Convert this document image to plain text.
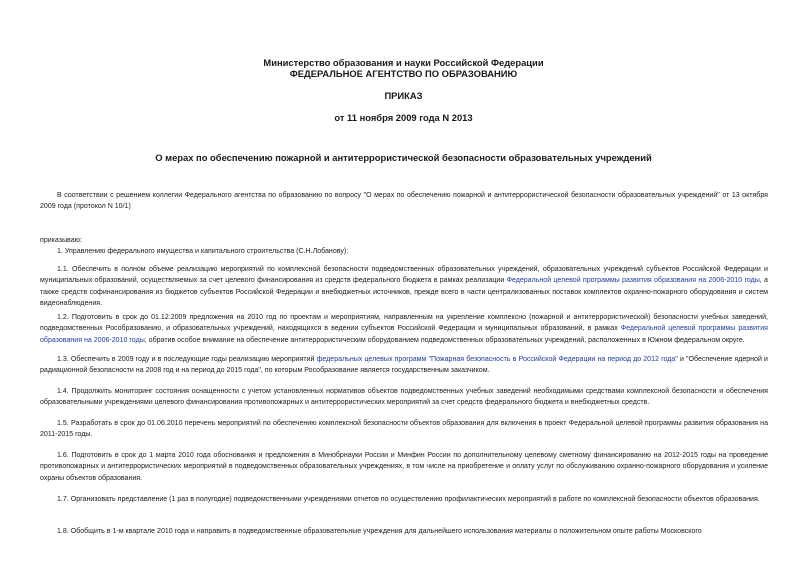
Министерство образования и науки Российской Федерации
ФЕДЕРАЛЬНОЕ АГЕНТСТВО ПО ОБРАЗОВАНИЮ
ПРИКАЗ
от 11 ноября 2009 года N 2013
О мерах по обеспечению пожарной и антитеррористической безопасности образовательных учреждений
В соответствии с решением коллегии Федерального агентства по образованию по вопросу "О мерах по обеспечению пожарной и антитеррористической безопасности образовательных учреждений" от 13 октября 2009 года (протокол N 10/1)
приказываю:
1. Управлению федерального имущества и капитального строительства (С.Н.Лобанову):
1.1. Обеспечить в полном объеме реализацию мероприятий по комплексной безопасности подведомственных образовательных учреждений, образовательных учреждений субъектов Российской Федерации и муниципальных образований, осуществляемых за счет целевого финансирования из средств федерального бюджета в рамках реализации Федеральной целевой программы развития образования на 2006-2010 годы, а также средств софинансирования из бюджетов субъектов Российской Федерации и внебюджетных источников, прежде всего в части централизованных поставок комплектов охранно-пожарного оборудования и систем видеонаблюдения.
1.2. Подготовить в срок до 01.12.2009 предложения на 2010 год по проектам и мероприятиям, направленным на укрепление комплексно (пожарной и антитеррористической) безопасности учебных заведений, подведомственных Рособразованию, и образовательных учреждений, находящихся в ведении субъектов Российской Федерации и муниципальных образований, в рамках Федеральной целевой программы развития образования на 2006-2010 годы, обратив особое внимание на обеспечение антитеррористическим оборудованием подведомственных образовательных учреждений, расположенных в Южном федеральном округе.
1.3. Обеспечить в 2009 году и в последующие годы реализацию мероприятий федеральных целевых программ "Пожарная безопасность в Российской Федерации на период до 2012 года" и "Обеспечение ядерной и радиационной безопасности на 2008 год и на период до 2015 года", по которым Рособразование является государственным заказчиком.
1.4. Продолжить мониторинг состояния оснащенности с учетом установленных нормативов объектов подведомственных учебных заведений необходимыми средствами комплексной безопасности и обеспечения образовательными учреждениями целевого финансирования противопожарных и антитеррористических мероприятий за счет средств федерального бюджета и внебюджетных средств.
1.5. Разработать в срок до 01.06.2010 перечень мероприятий по обеспечению комплексной безопасности объектов образования для включения в проект Федеральной целевой программы развития образования на 2011-2015 годы.
1.6. Подготовить в срок до 1 марта 2010 года обоснования и предложения в Минобрнауки России и Минфин России по дополнительному целевому сметному финансированию на 2012-2015 годы на проведение противопожарных и антитеррористических мероприятий в подведомственных образовательных учреждениях, в том числе на приобретение и оплату услуг по обслуживанию охранно-пожарного оборудования и усиление охраны объектов образования.
1.7. Организовать представление (1 раз в полугодие) подведомственными учреждениями отчетов по осуществлению профилактических мероприятий в работе по комплексной безопасности объектов образования.
1.8. Обобщить в 1-м квартале 2010 года и направить в подведомственные образовательные учреждения для дальнейшего использования материалы о положительном опыте работы Московского
